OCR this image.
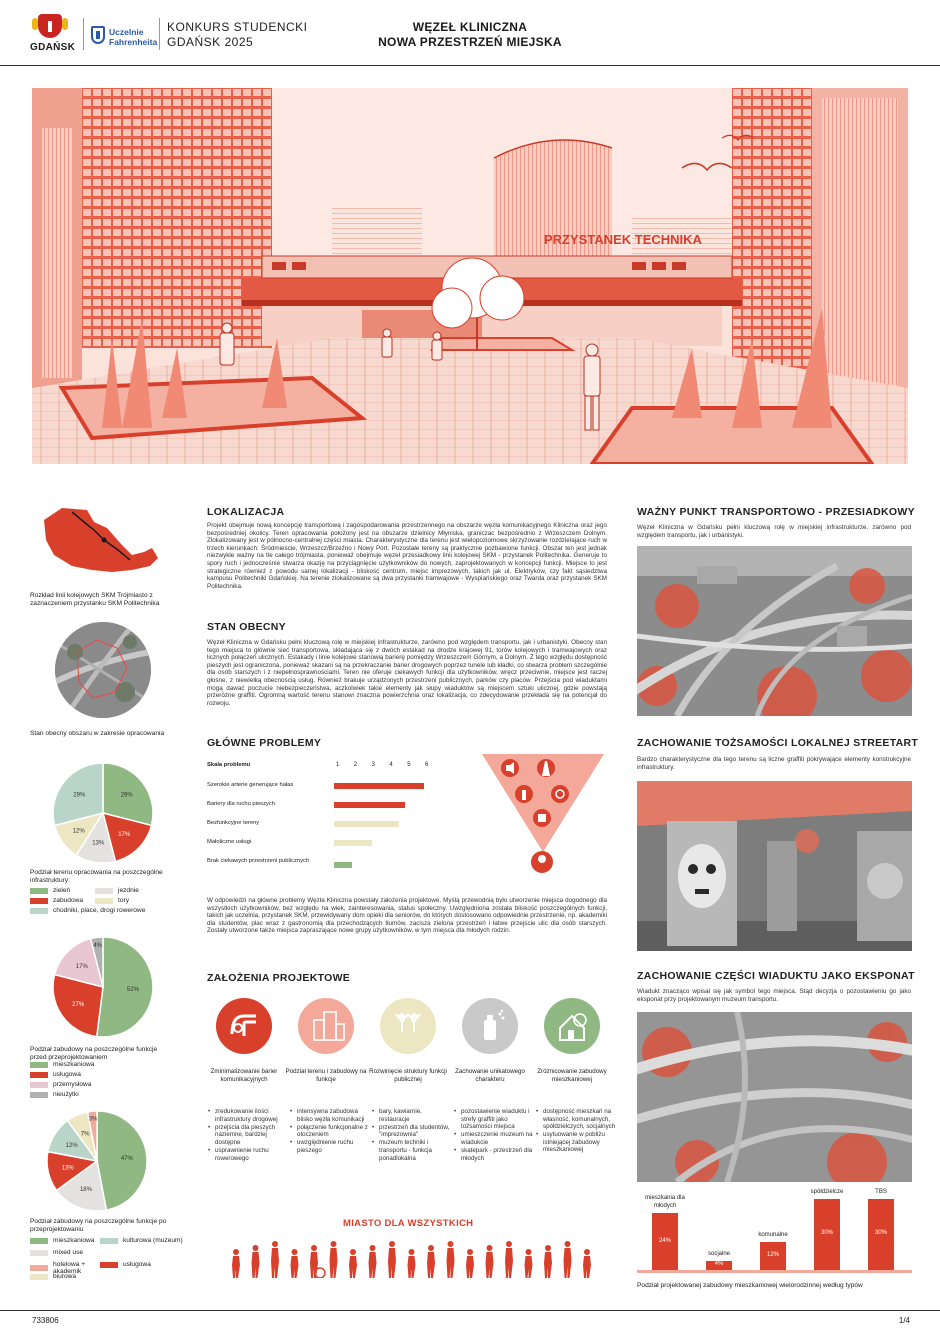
GDAŃSK
Uczelnie
Fahrenheita
KONKURS STUDENCKI
GDAŃSK 2025
WĘZEŁ KLINICZNA
NOWA PRZESTRZEŃ MIEJSKA
PRZYSTANEK TECHNIKA
Rozkład linii kolejowych SKM Trójmiasto z zaznaczeniem przystanku SKM Politechnika
Stan obecny obszaru w zakresie opracowania
29%
17%
13%
12%
29%
Podział terenu opracowania na poszczególne infrastruktury:
zieleń	jezdnie
zabudowa	tory
chodniki, place, drogi rowerowe
52%
27%
17%
4%
Podział zabudowy na poszczególne funkcje przed przeprojektowaniem
mieszkaniowa
usługowa
przemysłowa
nieużytki
47%
18%
13%
12%
7%
3%
Podział zabudowy na poszczególne funkcje po przeprojektowaniu
mieszkaniowa	kulturowa (muzeum)
mixed use
usługowa
hotelowa + akademik
biurowa
LOKALIZACJA
Projekt obejmuje nową koncepcję transportową i zagospodarowania przestrzennego na obszarze węzła komunikacyjnego Kliniczna oraz jego bezpośredniej okolicy. Teren opracowania położony jest na obszarze dzielnicy Młyniska, graniczac bezpośrednio z Wrzeszczem Dolnym. Zlokalizowany jest w północno-centralnej części miasta. Charakterystyczne dla terenu jest wielopoziomowe skrzyżowanie rozdzielające ruch w trzech kierunkach: Śródmieście, Wrzeszcz/Brzeźno i Nowy Port. Pozostałe tereny są praktycznie pozbawione funkcji. Obszar ten jest jednak niezwykle ważny na tle całego trójmiasta, ponieważ obejmuje węzeł przesiadkowy linii kolejowej SKM - przystanek Politechnika. Generuje to spory ruch i jednocześnie stwarza okazję na przyciągnięcie użytkowników do nowych, zaprojektowanych w koncepcji funkcji. Miejsce to jest strategiczne również z powodu samej lokalizacji - bliskość centrum, miejsc imprezowych, takich jak ul. Elektryków, czy fakt sąsiedztwa kampusu Politechniki Gdańskiej. Na terenie zlokalizowane są dwa przystanki tramwajowe - Wyspiańskiego oraz Twarda oraz przystanek SKM Politechnika.
STAN OBECNY
Węzeł Kliniczna w Gdańsku pełni kluczową rolę w miejskiej infrastrukturze, zarówno pod względem transportu, jak i urbanistyki. Obecny stan tego miejsca to głównie sieć transportowa, składająca się z dwóch estakad na drodze krajowej 91, torów kolejowych i tramwajowych oraz licznych połączeń ulicznych. Estakady i linie kolejowe stanowią barierę pomiędzy Wrzeszczem Górnym, a Dolnym. Z tego względu dostępność pieszych jest ograniczona, ponieważ skazani są na przekraczanie barier drogowych poprzez tunele lub kładki, co stwarza problem szczególnie dla osób starszych i z niepełnosprawnościami. Teren nie oferuje ciekawych funkcji dla użytkowników, wręcz przeciwnie, miejsce jest raczej głośne, z niewielką obecnością usług. Również brakuje urządzonych przestrzeni publicznych, parków czy placów. Przejścia pod wiaduktami mogą dawać poczucie niebezpieczeństwa, aczkolwiek takie elementy jak słupy wiaduktów są miejscem sztuki ulicznej, gdzie powstają przeróżne graffiti. Ogromną wartość terenu stanowi znaczna powierzchnia oraz lokalizacja, co zdecydowanie przekłada się na potencjał do rozwoju.
GŁÓWNE PROBLEMY
Skala problemu	1 2 3 4 5 6
Szerokie arterie generujące hałas
Bariery dla ruchu pieszych
Bezfunkcyjne tereny
Małoliczne usługi
Brak ciekawych przestrzeni publicznych
W odpowiedzi na główne problemy Węzła Kliniczna powstały założenia projektowe. Myślą przewodnią było utworzenie miejsca dogodnego dla wszystkich użytkowników, bez względu na wiek, zainteresowania, status społeczny. Uwzględniona została bliskość poszczególnych funkcji, takich jak uczelnia, przystanek SKM, przewidywany dom opieki dla seniorów, do których dostosowano odpowiednie przestrzenie, np. akademiki dla studentów, plac wraz z gastronomią dla przechodzących tłumów, zacisza zielona przestrzeń i łatwe przejście ulic dla osób starszych. Zostały utworzone także miejsca zapraszające nowe grupy użytkowników, w tym miejsca dla młodych rodzin.
ZAŁOŻENIA PROJEKTOWE
Zminimalizowanie barier komunikacyjnych
• zredukowanie ilości infrastruktury drogowej
• przejścia dla pieszych naziemne, bardziej dostępne
• usprawnienie ruchu rowerowego
Podział terenu i zabudowy na funkcje
• intensywna zabudowa blisko węzła komunikacji
• połączenie funkcjonalne z otoczeniem
• uwzględnienie ruchu pieszego
Rozwinięcie struktury funkcji publicznej
• bary, kawiarnie, restauracje
• przestrzeń dla studentów, "imprezownia"
• muzeum techniki i transportu - funkcja ponadlokalna
Zachowanie unikatowego charakteru
• pozostawienie wiaduktu i strefy graffiti jako tożsamości miejsca
• umieszczenie muzeum na wiadukcie
• skatepark - przestrzeń dla młodych
Zróżnicowanie zabudowy mieszkaniowej
• dostępność mieszkań na własność, komunalnych, spółdzielczych, socjalnych
• usytuowanie w pobliżu istniejącej zabudowy mieszkaniowej
MIASTO DLA WSZYSTKICH
WAŻNY PUNKT TRANSPORTOWO - PRZESIADKOWY
Węzeł Kliniczna w Gdańsku pełni kluczową rolę w miejskiej infrastrukturze, zarówno pod względem transportu, jak i urbanistyki.
ZACHOWANIE TOŻSAMOŚCI LOKALNEJ STREETART
Bardzo charakterystyczne dla tego terenu są liczne graffiti pokrywające elementy konstrukcyjne infrastruktury.
ZACHOWANIE CZĘŚCI WIADUKTU JAKO EKSPONAT
Wiadukt znacząco wpisał się jak symbol tego miejsca. Stąd decyzja o pozostawieniu go jako eksponat przy projektowanym muzeum transportu.
24%
mieszkania dla młodych
4%
socjalne	12%
komunalne	30%
spółdzielcze
30%
TBS
Podział projektowanej zabudowy mieszkaniowej wielorodzinnej według typów
733806	1/4
